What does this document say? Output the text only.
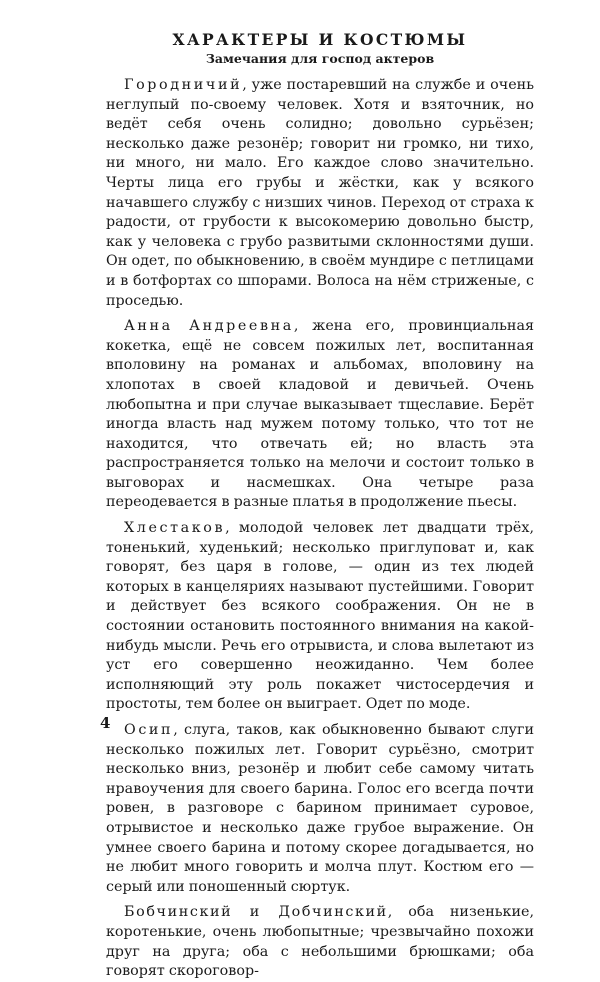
ХАРАКТЕРЫ И КОСТЮМЫ
Замечания для господ актеров

Городничий, уже постаревший на службе и очень неглупый по-своему человек. Хотя и взяточник, но ведёт себя очень солидно; довольно сурьёзен; несколько даже резонёр; говорит ни громко, ни тихо, ни много, ни мало. Его каждое слово значительно. Черты лица его грубы и жёстки, как у всякого начавшего службу с низших чинов. Переход от страха к радости, от грубости к высокомерию довольно быстр, как у человека с грубо развитыми склонностями души. Он одет, по обыкновению, в своём мундире с петлицами и в ботфортах со шпорами. Волоса на нём стриженые, с проседью.

Анна Андреевна, жена его, провинциальная кокетка, ещё не совсем пожилых лет, воспитанная вполовину на романах и альбомах, вполовину на хлопотах в своей кладовой и девичьей. Очень любопытна и при случае выказывает тщеславие. Берёт иногда власть над мужем потому только, что тот не находится, что отвечать ей; но власть эта распространяется только на мелочи и состоит только в выговорах и насмешках. Она четыре раза переодевается в разные платья в продолжение пьесы.

Хлестаков, молодой человек лет двадцати трёх, тоненький, худенький; несколько приглуповат и, как говорят, без царя в голове, — один из тех людей которых в канцеляриях называют пустейшими. Говорит и действует без всякого соображения. Он не в состоянии остановить постоянного внимания на какой-нибудь мысли. Речь его отрывиста, и слова вылетают из уст его совершенно неожиданно. Чем более исполняющий эту роль покажет чистосердечия и простоты, тем более он выиграет. Одет по моде.

Осип, слуга, таков, как обыкновенно бывают слуги несколько пожилых лет. Говорит сурьёзно, смотрит несколько вниз, резонёр и любит себе самому читать нравоучения для своего барина. Голос его всегда почти ровен, в разговоре с барином принимает суровое, отрывистое и несколько даже грубое выражение. Он умнее своего барина и потому скорее догадывается, но не любит много говорить и молча плут. Костюм его — серый или поношенный сюртук.

Бобчинский и Добчинский, оба низенькие, коротенькие, очень любопытные; чрезвычайно похожи друг на друга; оба с небольшими брюшками; оба говорят скороговор-

4
